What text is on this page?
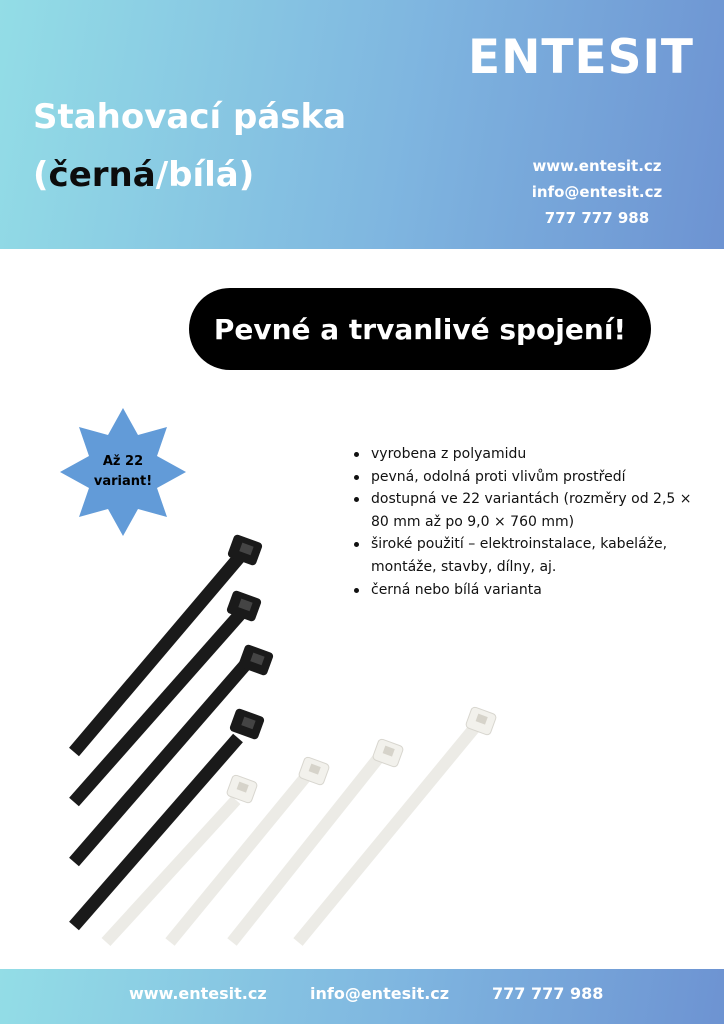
ENTESIT
Stahovací páska
(černá/bílá)	www.entesit.cz
info@entesit.cz
777 777 988
Pevné a trvanlivé spojení!
Až 22
variant!
vyrobena z polyamidu
pevná, odolná proti vlivům prostředí
dostupná ve 22 variantách (rozměry od 2,5 × 80 mm až po 9,0 × 760 mm)
široké použití – elektroinstalace, kabeláže, montáže, stavby, dílny, aj.
černá nebo bílá varianta
www.entesit.cz	info@entesit.cz	777 777 988
